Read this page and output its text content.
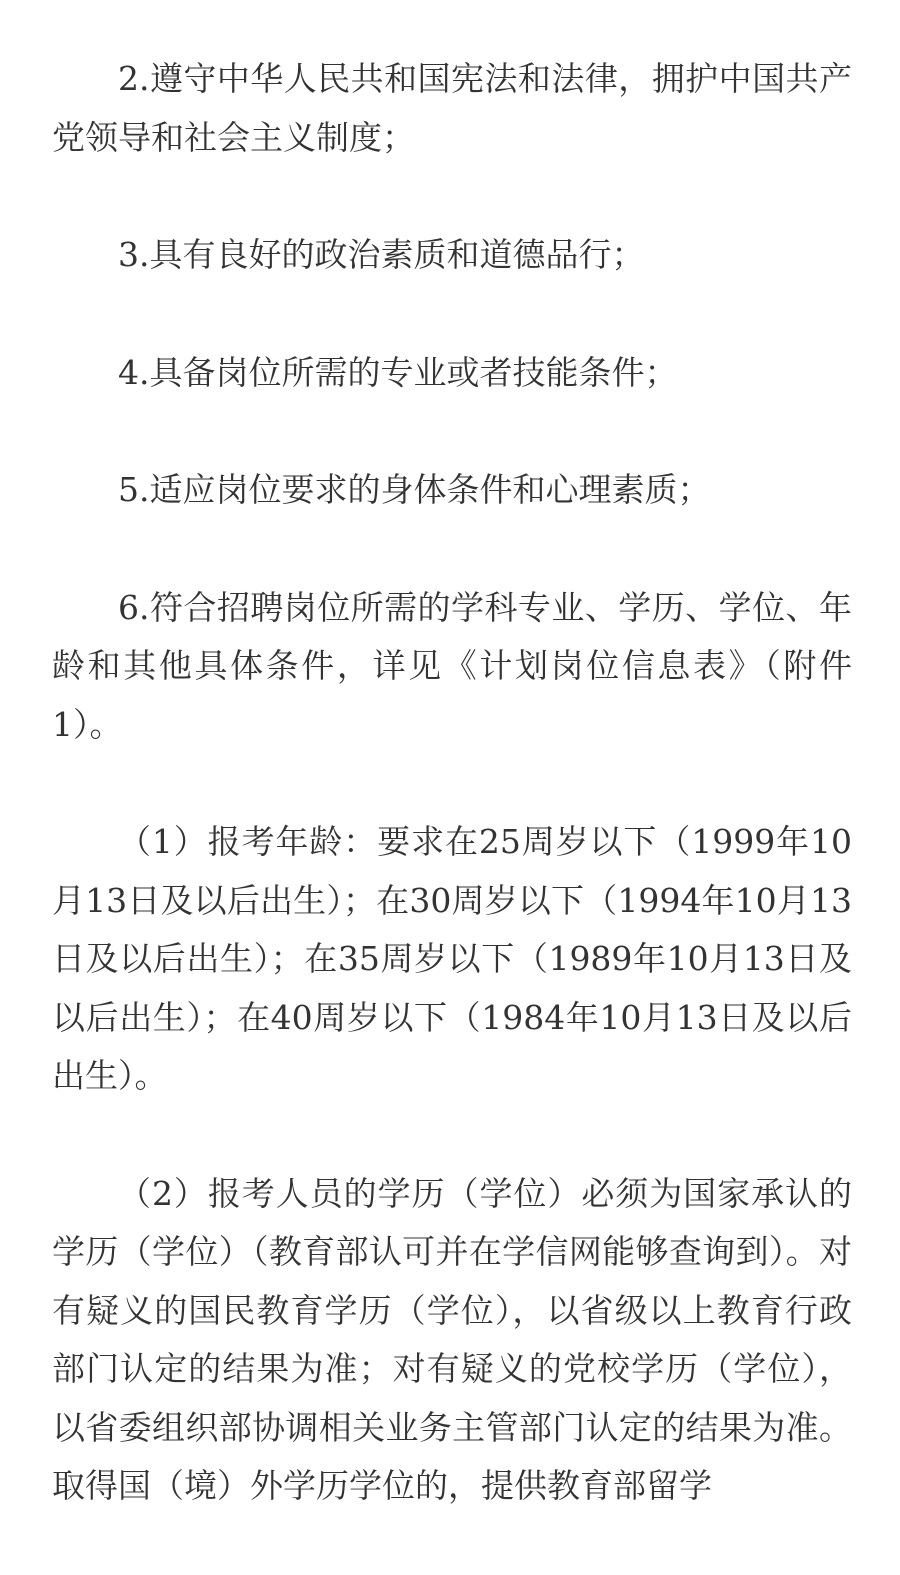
2.遵守中华人民共和国宪法和法律，拥护中国共产党领导和社会主义制度；

3.具有良好的政治素质和道德品行；

4.具备岗位所需的专业或者技能条件；

5.适应岗位要求的身体条件和心理素质；

6.符合招聘岗位所需的学科专业、学历、学位、年龄和其他具体条件，详见《计划岗位信息表》（附件1）。

（1）报考年龄：要求在25周岁以下（1999年10月13日及以后出生）；在30周岁以下（1994年10月13日及以后出生）；在35周岁以下（1989年10月13日及以后出生）；在40周岁以下（1984年10月13日及以后出生）。

（2）报考人员的学历（学位）必须为国家承认的学历（学位）（教育部认可并在学信网能够查询到）。对有疑义的国民教育学历（学位），以省级以上教育行政部门认定的结果为准；对有疑义的党校学历（学位），以省委组织部协调相关业务主管部门认定的结果为准。取得国（境）外学历学位的，提供教育部留学
